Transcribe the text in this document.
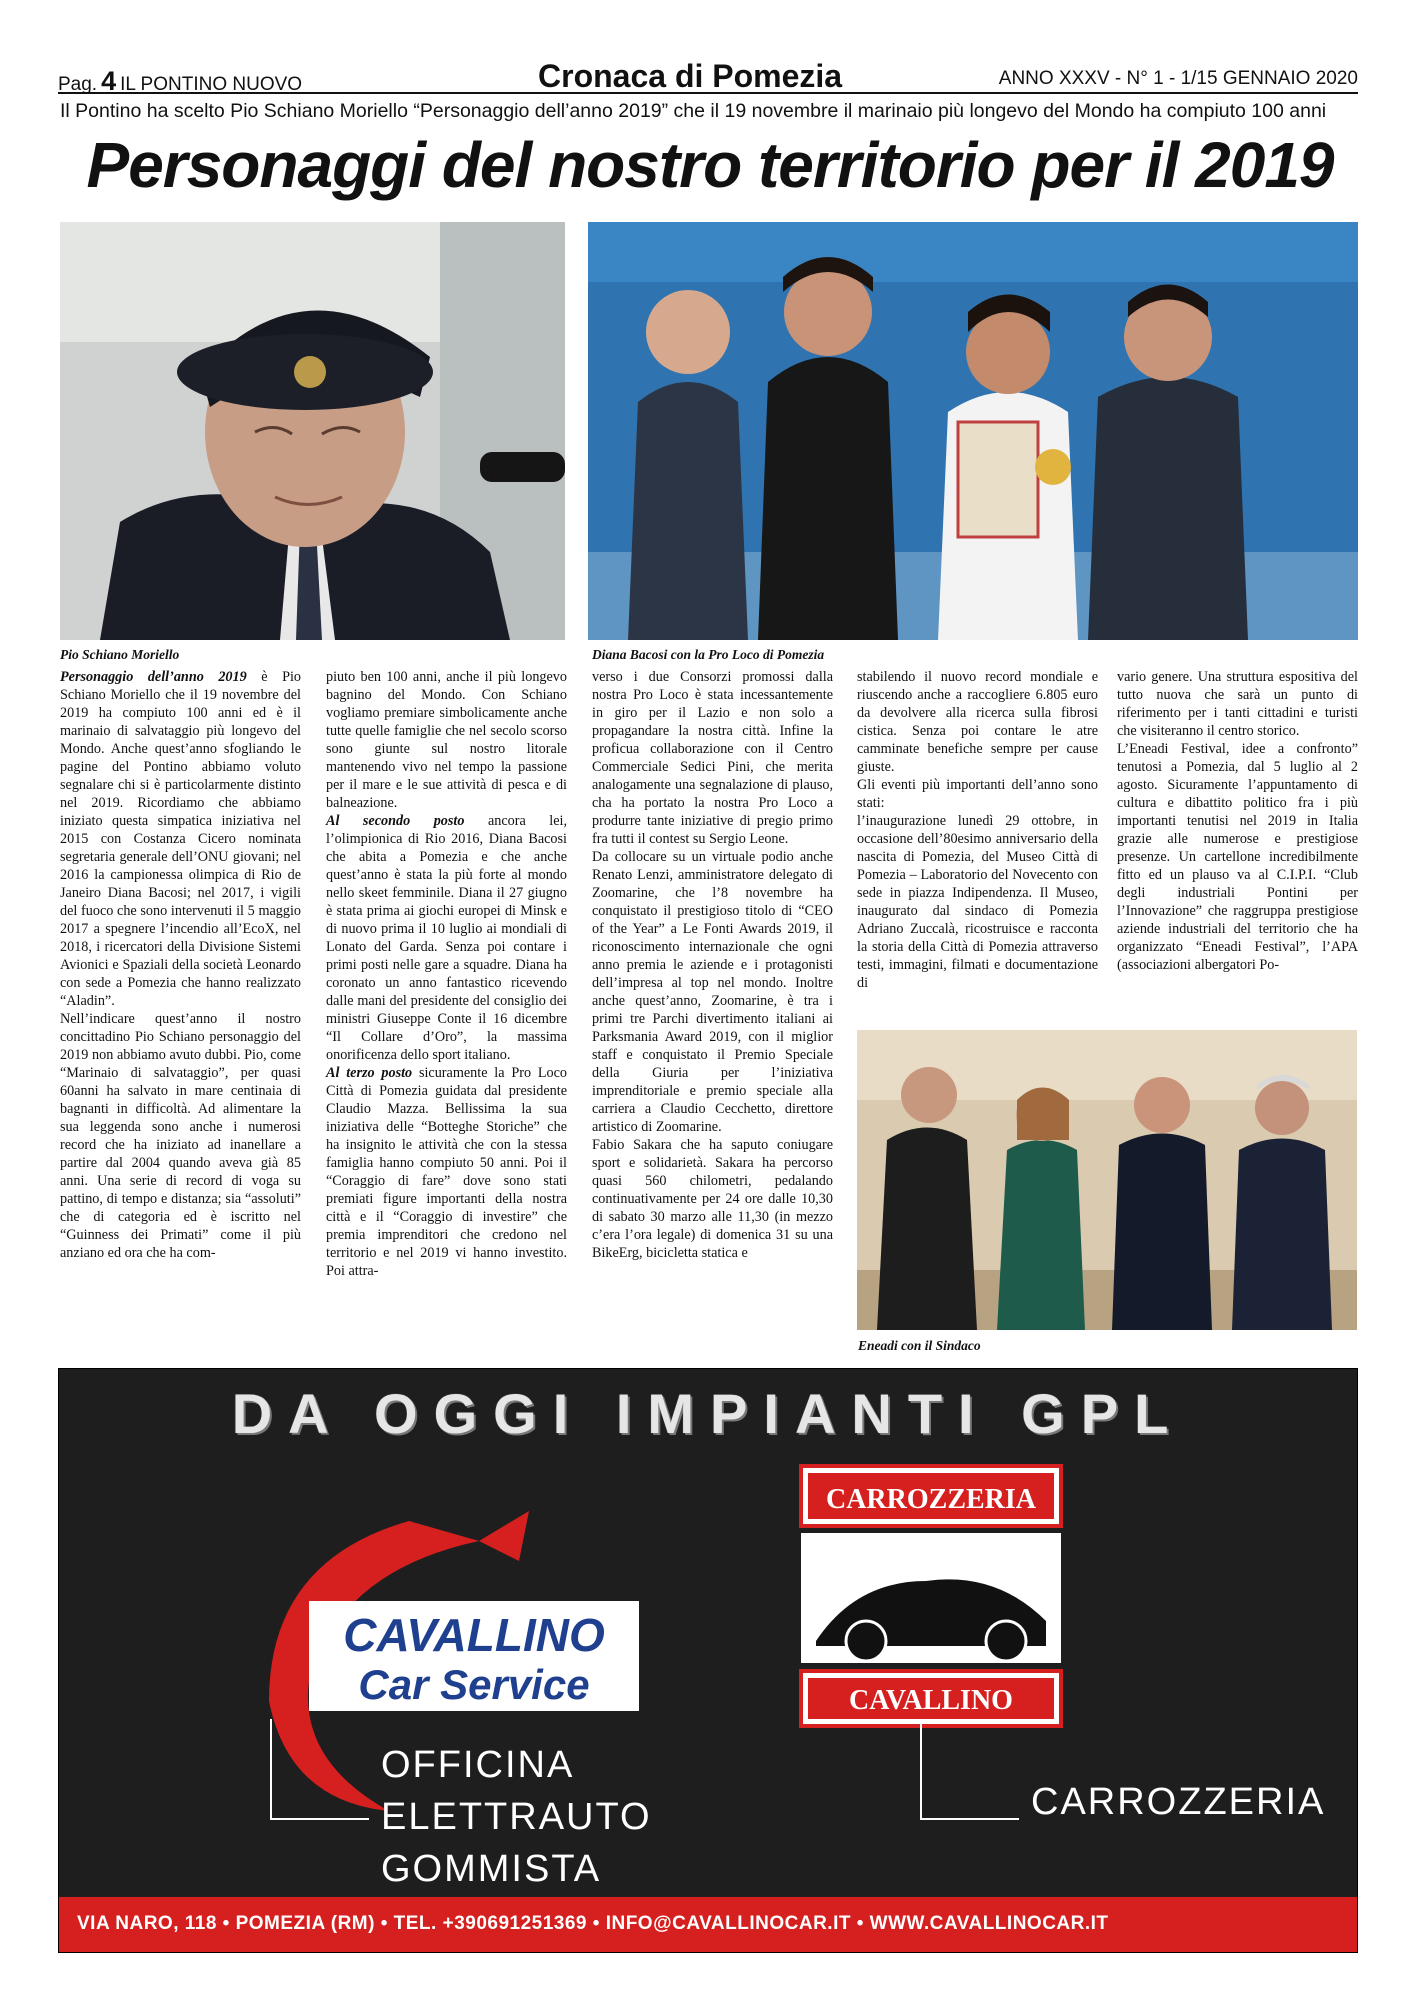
Pag. 4 IL PONTINO NUOVO	Cronaca di Pomezia	ANNO XXXV - N° 1 - 1/15 GENNAIO 2020
Il Pontino ha scelto Pio Schiano Moriello “Personaggio dell’anno 2019” che il 19 novembre il marinaio più longevo del Mondo ha compiuto 100 anni
Personaggi del nostro territorio per il 2019
Pio Schiano Moriello	Diana Bacosi con la Pro Loco di Pomezia

Personaggio dell’anno 2019 è Pio Schiano Moriello che il 19 novembre del 2019 ha compiuto 100 anni ed è il marinaio di salvataggio più longevo del Mondo. Anche quest’anno sfogliando le pagine del Pontino abbiamo voluto segnalare chi si è particolarmente distinto nel 2019. Ricordiamo che abbiamo iniziato questa simpatica iniziativa nel 2015 con Costanza Cicero nominata segretaria generale dell’ONU giovani; nel 2016 la campionessa olimpica di Rio de Janeiro Diana Bacosi; nel 2017, i vigili del fuoco che sono intervenuti il 5 maggio 2017 a spegnere l’incendio all’EcoX, nel 2018, i ricercatori della Divisione Sistemi Avionici e Spaziali della società Leonardo con sede a Pomezia che hanno realizzato “Aladin”.

Nell’indicare quest’anno il nostro concittadino Pio Schiano personaggio del 2019 non abbiamo avuto dubbi. Pio, come “Marinaio di salvataggio”, per quasi 60anni ha salvato in mare centinaia di bagnanti in difficoltà. Ad alimentare la sua leggenda sono anche i numerosi record che ha iniziato ad inanellare a partire dal 2004 quando aveva già 85 anni. Una serie di record di voga su pattino, di tempo e distanza; sia “assoluti” che di categoria ed è iscritto nel “Guinness dei Primati” come il più anziano ed ora che ha com-

piuto ben 100 anni, anche il più longevo bagnino del Mondo. Con Schiano vogliamo premiare simbolicamente anche tutte quelle famiglie che nel secolo scorso sono giunte sul nostro litorale mantenendo vivo nel tempo la passione per il mare e le sue attività di pesca e di balneazione.

Al secondo posto ancora lei, l’olimpionica di Rio 2016, Diana Bacosi che abita a Pomezia e che anche quest’anno è stata la più forte al mondo nello skeet femminile. Diana il 27 giugno è stata prima ai giochi europei di Minsk e di nuovo prima il 10 luglio ai mondiali di Lonato del Garda. Senza poi contare i primi posti nelle gare a squadre. Diana ha coronato un anno fantastico ricevendo dalle mani del presidente del consiglio dei ministri Giuseppe Conte il 16 dicembre “Il Collare d’Oro”, la massima onorificenza dello sport italiano.

Al terzo posto sicuramente la Pro Loco Città di Pomezia guidata dal presidente Claudio Mazza. Bellissima la sua iniziativa delle “Botteghe Storiche” che ha insignito le attività che con la stessa famiglia hanno compiuto 50 anni. Poi il “Coraggio di fare” dove sono stati premiati figure importanti della nostra città e il “Coraggio di investire” che premia imprenditori che credono nel territorio e nel 2019 vi hanno investito. Poi attra-

verso i due Consorzi promossi dalla nostra Pro Loco è stata incessantemente in giro per il Lazio e non solo a propagandare la nostra città. Infine la proficua collaborazione con il Centro Commerciale Sedici Pini, che merita analogamente una segnalazione di plauso, cha ha portato la nostra Pro Loco a produrre tante iniziative di pregio primo fra tutti il contest su Sergio Leone.

Da collocare su un virtuale podio anche Renato Lenzi, amministratore delegato di Zoomarine, che l’8 novembre ha conquistato il prestigioso titolo di “CEO of the Year” a Le Fonti Awards 2019, il riconoscimento internazionale che ogni anno premia le aziende e i protagonisti dell’impresa al top nel mondo. Inoltre anche quest’anno, Zoomarine, è tra i primi tre Parchi divertimento italiani ai Parksmania Award 2019, con il miglior staff e conquistato il Premio Speciale della Giuria per l’iniziativa imprenditoriale e premio speciale alla carriera a Claudio Cecchetto, direttore artistico di Zoomarine.

Fabio Sakara che ha saputo coniugare sport e solidarietà. Sakara ha percorso quasi 560 chilometri, pedalando continuativamente per 24 ore dalle 10,30 di sabato 30 marzo alle 11,30 (in mezzo c’era l’ora legale) di domenica 31 su una BikeErg, bicicletta statica e

stabilendo il nuovo record mondiale e riuscendo anche a raccogliere 6.805 euro da devolvere alla ricerca sulla fibrosi cistica. Senza poi contare le atre camminate benefiche sempre per cause giuste.

Gli eventi più importanti dell’anno sono stati:

l’inaugurazione lunedì 29 ottobre, in occasione dell’80esimo anniversario della nascita di Pomezia, del Museo Città di Pomezia – Laboratorio del Novecento con sede in piazza Indipendenza. Il Museo, inaugurato dal sindaco di Pomezia Adriano Zuccalà, ricostruisce e racconta la storia della Città di Pomezia attraverso testi, immagini, filmati e documentazione di

vario genere. Una struttura espositiva del tutto nuova che sarà un punto di riferimento per i tanti cittadini e turisti che visiteranno il centro storico.

L’Eneadi Festival, idee a confronto” tenutosi a Pomezia, dal 5 luglio al 2 agosto. Sicuramente l’appuntamento di cultura e dibattito politico fra i più importanti tenutisi nel 2019 in Italia grazie alle numerose e prestigiose presenze. Un cartellone incredibilmente fitto ed un plauso va al C.I.P.I. “Club degli industriali Pontini per l’Innovazione” che raggruppa prestigiose aziende industriali del territorio che ha organizzato “Eneadi Festival”, l’APA (associazioni albergatori Po-

Eneadi con il Sindaco
DA OGGI IMPIANTI GPL
CAVALLINO
Car Service
CARROZZERIA
CAVALLINO
OFFICINA
ELETTRAUTO
GOMMISTA
CARROZZERIA
VIA NARO, 118 • POMEZIA (RM) • TEL. +390691251369 • INFO@CAVALLINOCAR.IT • WWW.CAVALLINOCAR.IT
